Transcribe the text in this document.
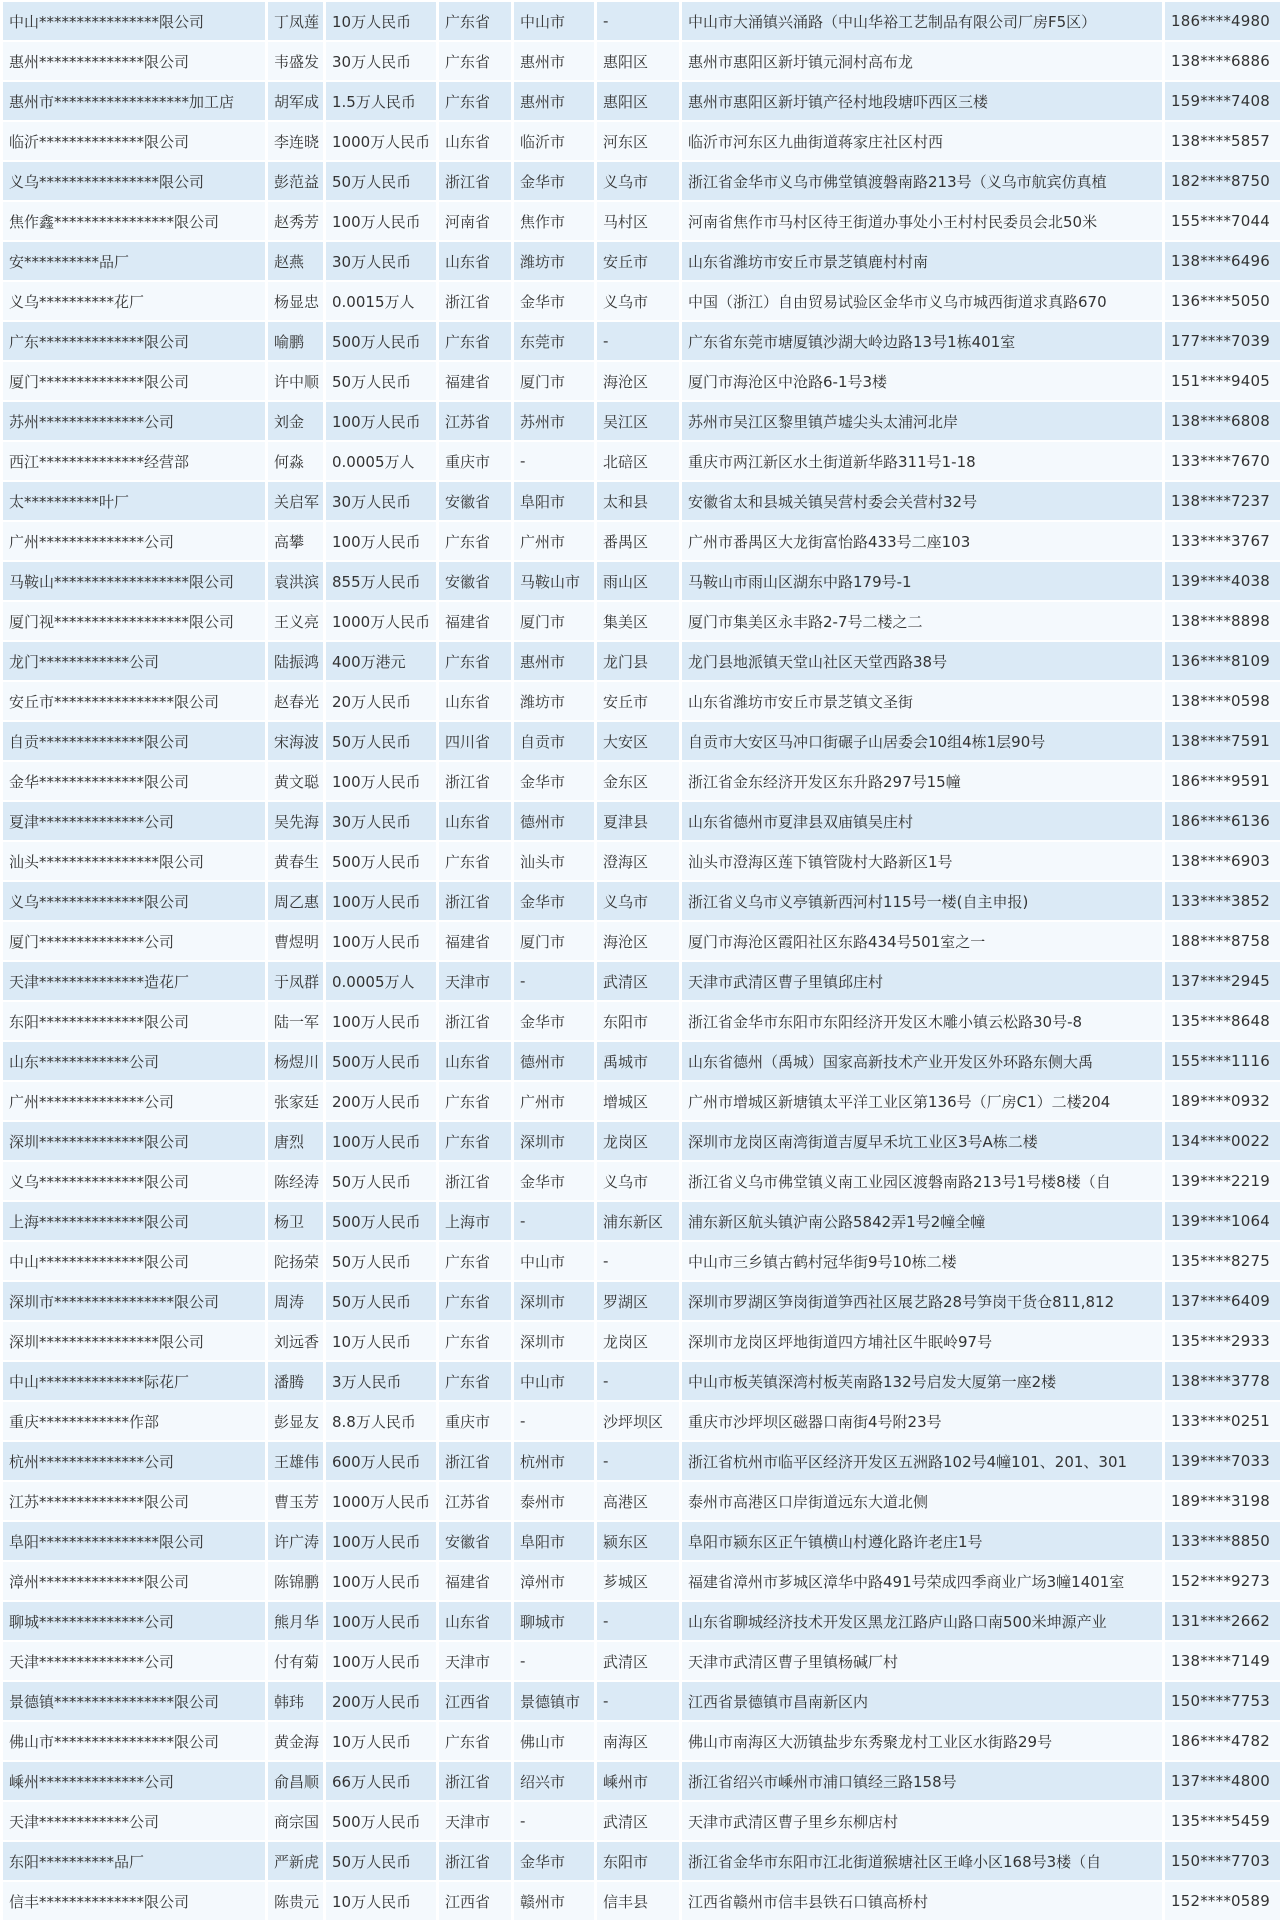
中山****************限公司	丁凤莲	10万人民币	广东省	中山市	-	中山市大涌镇兴涌路（中山华裕工艺制品有限公司厂房F5区）	186****4980
惠州**************限公司	韦盛发	30万人民币	广东省	惠州市	惠阳区	惠州市惠阳区新圩镇元洞村高布龙	138****6886
惠州市******************加工店	胡军成	1.5万人民币	广东省	惠州市	惠阳区	惠州市惠阳区新圩镇产径村地段塘吓西区三楼	159****7408
临沂**************限公司	李连晓	1000万人民币	山东省	临沂市	河东区	临沂市河东区九曲街道蒋家庄社区村西	138****5857
义乌****************限公司	彭范益	50万人民币	浙江省	金华市	义乌市	浙江省金华市义乌市佛堂镇渡磐南路213号（义乌市航宾仿真植	182****8750
焦作鑫****************限公司	赵秀芳	100万人民币	河南省	焦作市	马村区	河南省焦作市马村区待王街道办事处小王村村民委员会北50米	155****7044
安**********品厂	赵燕	30万人民币	山东省	潍坊市	安丘市	山东省潍坊市安丘市景芝镇鹿村村南	138****6496
义乌**********花厂	杨显忠	0.0015万人	浙江省	金华市	义乌市	中国（浙江）自由贸易试验区金华市义乌市城西街道求真路670	136****5050
广东**************限公司	喻鹏	500万人民币	广东省	东莞市	-	广东省东莞市塘厦镇沙湖大岭边路13号1栋401室	177****7039
厦门**************限公司	许中顺	50万人民币	福建省	厦门市	海沧区	厦门市海沧区中沧路6-1号3楼	151****9405
苏州**************公司	刘金	100万人民币	江苏省	苏州市	吴江区	苏州市吴江区黎里镇芦墟尖头太浦河北岸	138****6808
西江**************经营部	何淼	0.0005万人	重庆市	-	北碚区	重庆市两江新区水土街道新华路311号1-18	133****7670
太**********叶厂	关启军	30万人民币	安徽省	阜阳市	太和县	安徽省太和县城关镇吴营村委会关营村32号	138****7237
广州**************公司	高攀	100万人民币	广东省	广州市	番禺区	广州市番禺区大龙街富怡路433号二座103	133****3767
马鞍山******************限公司	袁洪滨	855万人民币	安徽省	马鞍山市	雨山区	马鞍山市雨山区湖东中路179号-1	139****4038
厦门视******************限公司	王义亮	1000万人民币	福建省	厦门市	集美区	厦门市集美区永丰路2-7号二楼之二	138****8898
龙门************公司	陆振鸿	400万港元	广东省	惠州市	龙门县	龙门县地派镇天堂山社区天堂西路38号	136****8109
安丘市****************限公司	赵春光	20万人民币	山东省	潍坊市	安丘市	山东省潍坊市安丘市景芝镇文圣街	138****0598
自贡**************限公司	宋海波	50万人民币	四川省	自贡市	大安区	自贡市大安区马冲口街碾子山居委会10组4栋1层90号	138****7591
金华**************限公司	黄文聪	100万人民币	浙江省	金华市	金东区	浙江省金东经济开发区东升路297号15幢	186****9591
夏津**************公司	吴先海	30万人民币	山东省	德州市	夏津县	山东省德州市夏津县双庙镇吴庄村	186****6136
汕头****************限公司	黄春生	500万人民币	广东省	汕头市	澄海区	汕头市澄海区莲下镇管陇村大路新区1号	138****6903
义乌**************限公司	周乙惠	100万人民币	浙江省	金华市	义乌市	浙江省义乌市义亭镇新西河村115号一楼(自主申报)	133****3852
厦门**************公司	曹煜明	100万人民币	福建省	厦门市	海沧区	厦门市海沧区霞阳社区东路434号501室之一	188****8758
天津**************造花厂	于凤群	0.0005万人	天津市	-	武清区	天津市武清区曹子里镇邱庄村	137****2945
东阳**************限公司	陆一军	100万人民币	浙江省	金华市	东阳市	浙江省金华市东阳市东阳经济开发区木雕小镇云松路30号-8	135****8648
山东************公司	杨煜川	500万人民币	山东省	德州市	禹城市	山东省德州（禹城）国家高新技术产业开发区外环路东侧大禹	155****1116
广州**************公司	张家廷	200万人民币	广东省	广州市	增城区	广州市增城区新塘镇太平洋工业区第136号（厂房C1）二楼204	189****0932
深圳**************限公司	唐烈	100万人民币	广东省	深圳市	龙岗区	深圳市龙岗区南湾街道吉厦早禾坑工业区3号A栋二楼	134****0022
义乌**************限公司	陈经涛	50万人民币	浙江省	金华市	义乌市	浙江省义乌市佛堂镇义南工业园区渡磐南路213号1号楼8楼（自	139****2219
上海**************限公司	杨卫	500万人民币	上海市	-	浦东新区	浦东新区航头镇沪南公路5842弄1号2幢全幢	139****1064
中山**************限公司	陀扬荣	50万人民币	广东省	中山市	-	中山市三乡镇古鹤村冠华街9号10栋二楼	135****8275
深圳市****************限公司	周涛	50万人民币	广东省	深圳市	罗湖区	深圳市罗湖区笋岗街道笋西社区展艺路28号笋岗干货仓811,812	137****6409
深圳****************限公司	刘远香	10万人民币	广东省	深圳市	龙岗区	深圳市龙岗区坪地街道四方埔社区牛眠岭97号	135****2933
中山**************际花厂	潘腾	3万人民币	广东省	中山市	-	中山市板芙镇深湾村板芙南路132号启发大厦第一座2楼	138****3778
重庆************作部	彭显友	8.8万人民币	重庆市	-	沙坪坝区	重庆市沙坪坝区磁器口南街4号附23号	133****0251
杭州**************公司	王雄伟	600万人民币	浙江省	杭州市	-	浙江省杭州市临平区经济开发区五洲路102号4幢101、201、301	139****7033
江苏**************限公司	曹玉芳	1000万人民币	江苏省	泰州市	高港区	泰州市高港区口岸街道远东大道北侧	189****3198
阜阳****************限公司	许广涛	100万人民币	安徽省	阜阳市	颍东区	阜阳市颍东区正午镇横山村遵化路许老庄1号	133****8850
漳州**************限公司	陈锦鹏	100万人民币	福建省	漳州市	芗城区	福建省漳州市芗城区漳华中路491号荣成四季商业广场3幢1401室	152****9273
聊城**************公司	熊月华	100万人民币	山东省	聊城市	-	山东省聊城经济技术开发区黑龙江路庐山路口南500米坤源产业	131****2662
天津**************公司	付有菊	100万人民币	天津市	-	武清区	天津市武清区曹子里镇杨碱厂村	138****7149
景德镇****************限公司	韩玮	200万人民币	江西省	景德镇市	-	江西省景德镇市昌南新区内	150****7753
佛山市****************限公司	黄金海	10万人民币	广东省	佛山市	南海区	佛山市南海区大沥镇盐步东秀聚龙村工业区水街路29号	186****4782
嵊州**************公司	俞昌顺	66万人民币	浙江省	绍兴市	嵊州市	浙江省绍兴市嵊州市浦口镇经三路158号	137****4800
天津************公司	商宗国	500万人民币	天津市	-	武清区	天津市武清区曹子里乡东柳店村	135****5459
东阳**********品厂	严新虎	50万人民币	浙江省	金华市	东阳市	浙江省金华市东阳市江北街道猴塘社区王峰小区168号3楼（自	150****7703
信丰**************限公司	陈贵元	10万人民币	江西省	赣州市	信丰县	江西省赣州市信丰县铁石口镇高桥村	152****0589
